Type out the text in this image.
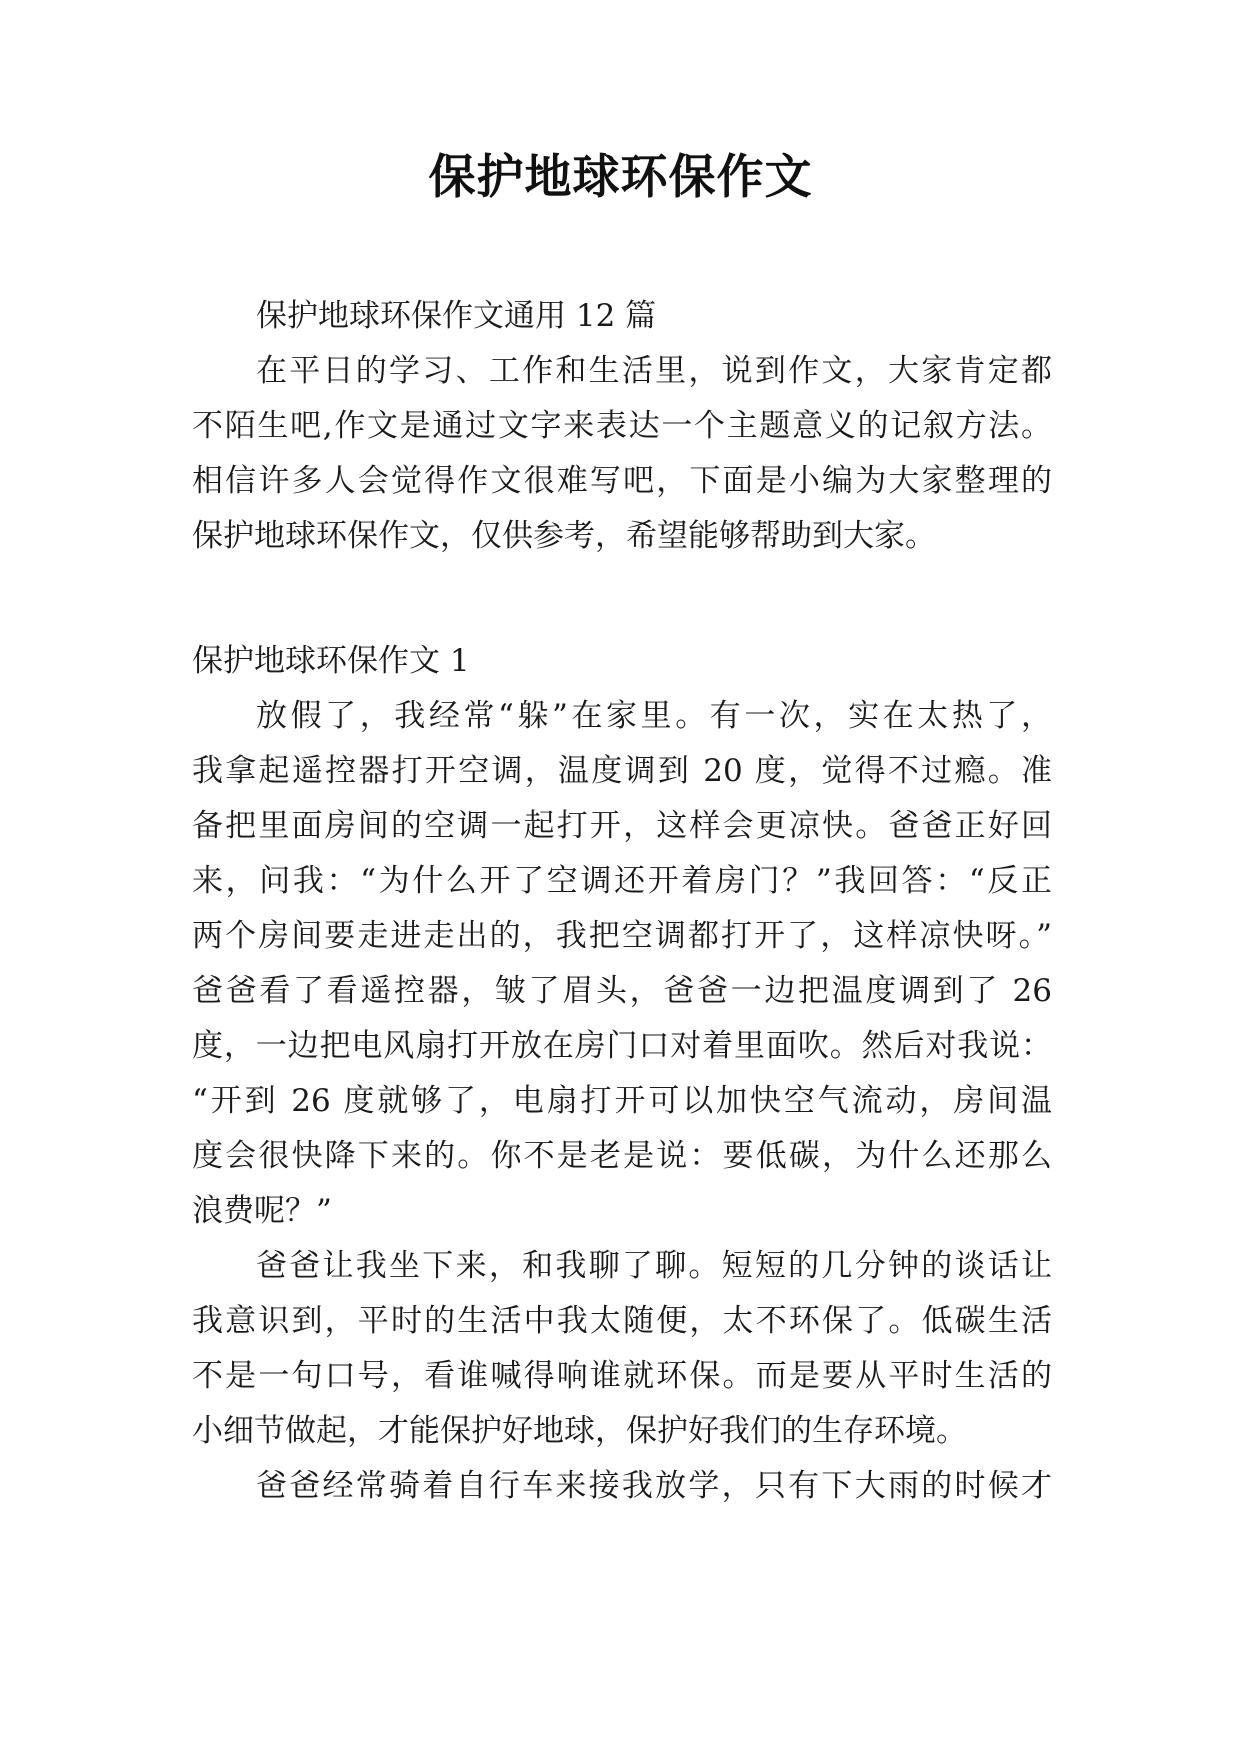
保护地球环保作文
保护地球环保作文通用 12 篇
在平日的学习、工作和生活里，说到作文，大家肯定都
不陌生吧,作文是通过文字来表达一个主题意义的记叙方法。
相信许多人会觉得作文很难写吧，下面是小编为大家整理的
保护地球环保作文，仅供参考，希望能够帮助到大家。
保护地球环保作文 1
放假了，我经常“躲”在家里。有一次，实在太热了，
我拿起遥控器打开空调，温度调到 20 度，觉得不过瘾。准
备把里面房间的空调一起打开，这样会更凉快。爸爸正好回
来，问我：“为什么开了空调还开着房门？”我回答：“反正
两个房间要走进走出的，我把空调都打开了，这样凉快呀。”
爸爸看了看遥控器，皱了眉头，爸爸一边把温度调到了 26
度，一边把电风扇打开放在房门口对着里面吹。然后对我说：
“开到 26 度就够了，电扇打开可以加快空气流动，房间温
度会很快降下来的。你不是老是说：要低碳，为什么还那么
浪费呢？”
爸爸让我坐下来，和我聊了聊。短短的几分钟的谈话让
我意识到，平时的生活中我太随便，太不环保了。低碳生活
不是一句口号，看谁喊得响谁就环保。而是要从平时生活的
小细节做起，才能保护好地球，保护好我们的生存环境。
爸爸经常骑着自行车来接我放学，只有下大雨的时候才
